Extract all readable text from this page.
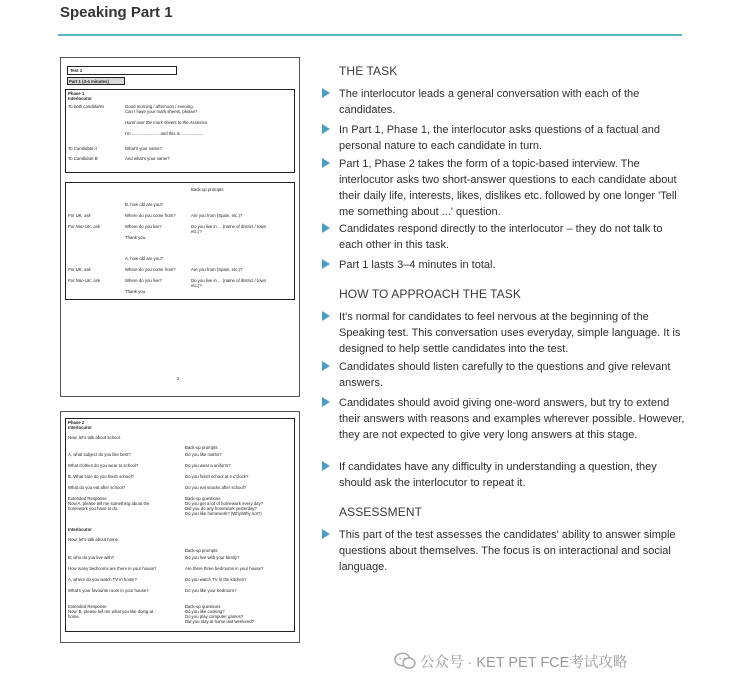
Speaking Part 1
Test 1
Part 1 (3-4 minutes)
Phase 1
Interlocutor
To both candidates	Good morning / afternoon / evening.
Can I have your mark sheets, please?
Hand over the mark sheets to the Assessor.
I'm ....................... and this is ...................
To Candidate A	What's your name?
To Candidate B	And what's your name?
Back-up prompts
B, how old are you?
For UK, ask	Where do you come from?	Are you from (Spain, etc.)?
For Non-UK, ask	Where do you live?	Do you live in ... (name of district / town
etc.)?
Thank you.
A, how old are you?
For UK, ask	Where do you come from?	Are you from (Spain, etc.)?
For Non-UK, ask	Where do you live?	Do you live in ... (name of district / town
etc.)?
Thank you.
2
Phase 2
Interlocutor
Now, let's talk about school.
Back-up prompts
A, what subject do you like best?	Do you like maths?
What clothes do you wear to school?	Do you wear a uniform?
B, What time do you finish school?	Do you finish school at 4 o'clock?
What do you eat after school?	Do you eat snacks after school?
Extended Response
Now A, please tell me something about the
homework you have to do.
Back-up questions
Do you get a lot of homework every day?
Did you do any homework yesterday?
Do you like homework? (Why/Why not?)
Interlocutor
Now, let's talk about home.
Back-up prompts
B, who do you live with?	Do you live with your family?
How many bedrooms are there in your house?	Are there three bedrooms in your house?
A, where do you watch TV in home?	Do you watch TV in the kitchen?
What's your favourite room in your house?	Do you like your bedroom?
Extended Response
Now, B, please tell me what you like doing at
home.
Back-up questions
Do you like cooking?
Do you play computer games?
Did you stay at home last weekend?
THE TASK
The interlocutor leads a general conversation with each of the candidates.
In Part 1, Phase 1, the interlocutor asks questions of a factual and personal nature to each candidate in turn.
Part 1, Phase 2 takes the form of a topic-based interview. The interlocutor asks two short-answer questions to each candidate about their daily life, interests, likes, dislikes etc. followed by one longer 'Tell me something about ...' question.
Candidates respond directly to the interlocutor – they do not talk to each other in this task.
Part 1 lasts 3–4 minutes in total.
HOW TO APPROACH THE TASK
It's normal for candidates to feel nervous at the beginning of the Speaking test. This conversation uses everyday, simple language. It is designed to help settle candidates into the test.
Candidates should listen carefully to the questions and give relevant answers.
Candidates should avoid giving one-word answers, but try to extend their answers with reasons and examples wherever possible. However, they are not expected to give very long answers at this stage.
If candidates have any difficulty in understanding a question, they should ask the interlocutor to repeat it.
ASSESSMENT
This part of the test assesses the candidates' ability to answer simple questions about themselves. The focus is on interactional and social language.
公众号 · KET PET FCE考试攻略
